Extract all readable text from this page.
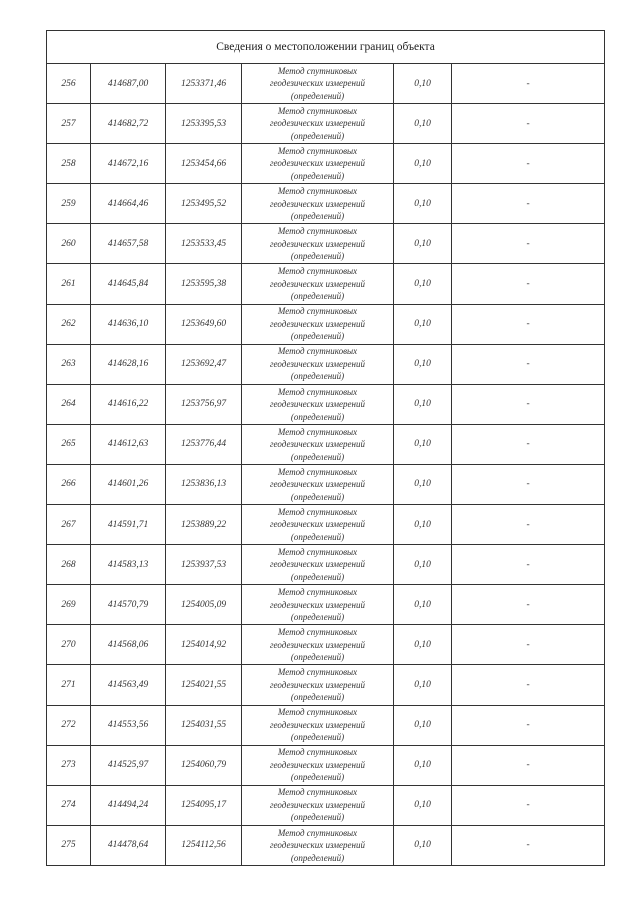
Сведения о местоположении границ объекта					
256	414687,00	1253371,46	Метод спутниковых
геодезических измерений
(определений)	0,10	-
257	414682,72	1253395,53	Метод спутниковых
геодезических измерений
(определений)	0,10	-
258	414672,16	1253454,66	Метод спутниковых
геодезических измерений
(определений)	0,10	-
259	414664,46	1253495,52	Метод спутниковых
геодезических измерений
(определений)	0,10	-
260	414657,58	1253533,45	Метод спутниковых
геодезических измерений
(определений)	0,10	-
261	414645,84	1253595,38	Метод спутниковых
геодезических измерений
(определений)	0,10	-
262	414636,10	1253649,60	Метод спутниковых
геодезических измерений
(определений)	0,10	-
263	414628,16	1253692,47	Метод спутниковых
геодезических измерений
(определений)	0,10	-
264	414616,22	1253756,97	Метод спутниковых
геодезических измерений
(определений)	0,10	-
265	414612,63	1253776,44	Метод спутниковых
геодезических измерений
(определений)	0,10	-
266	414601,26	1253836,13	Метод спутниковых
геодезических измерений
(определений)	0,10	-
267	414591,71	1253889,22	Метод спутниковых
геодезических измерений
(определений)	0,10	-
268	414583,13	1253937,53	Метод спутниковых
геодезических измерений
(определений)	0,10	-
269	414570,79	1254005,09	Метод спутниковых
геодезических измерений
(определений)	0,10	-
270	414568,06	1254014,92	Метод спутниковых
геодезических измерений
(определений)	0,10	-
271	414563,49	1254021,55	Метод спутниковых
геодезических измерений
(определений)	0,10	-
272	414553,56	1254031,55	Метод спутниковых
геодезических измерений
(определений)	0,10	-
273	414525,97	1254060,79	Метод спутниковых
геодезических измерений
(определений)	0,10	-
274	414494,24	1254095,17	Метод спутниковых
геодезических измерений
(определений)	0,10	-
275	414478,64	1254112,56	Метод спутниковых
геодезических измерений
(определений)	0,10	-
